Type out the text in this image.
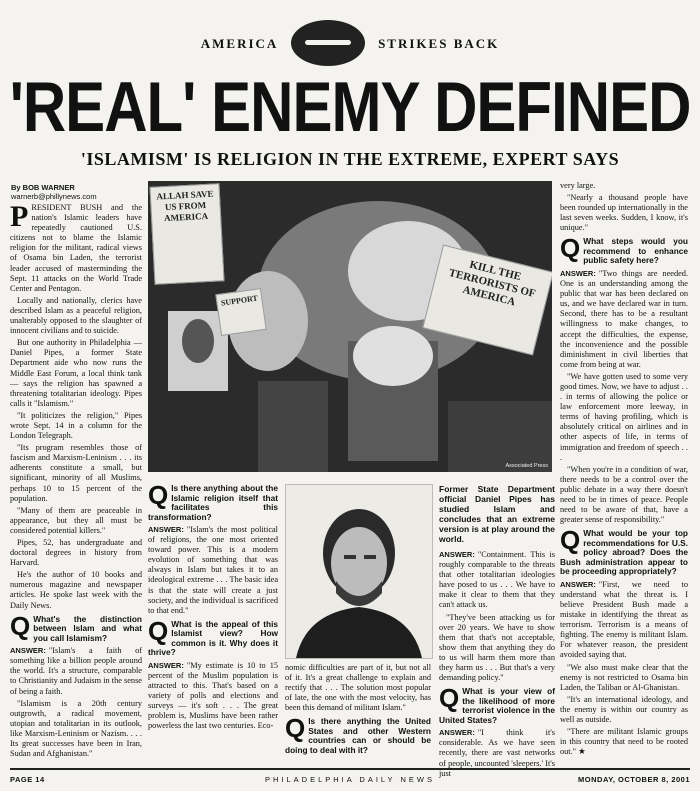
AMERICA	STRIKES BACK
'REAL' ENEMY DEFINED
'ISLAMISM' IS RELIGION IN THE EXTREME, EXPERT SAYS
By BOB WARNER
warnerb@phillynews.com

PRESIDENT BUSH and the nation's Islamic leaders have repeatedly cautioned U.S. citizens not to blame the Islamic religion for the militant, radical views of Osama bin Laden, the terrorist leader accused of masterminding the Sept. 11 attacks on the World Trade Center and Pentagon.

Locally and nationally, clerics have described Islam as a peaceful religion, unalterably opposed to the slaughter of innocent civilians and to suicide.

But one authority in Philadelphia — Daniel Pipes, a former State Department aide who now runs the Middle East Forum, a local think tank — says the religion has spawned a threatening totalitarian ideology. Pipes calls it "Islamism."

"It politicizes the religion," Pipes wrote Sept. 14 in a column for the London Telegraph.

"Its program resembles those of fascism and Marxism-Leninism . . . its adherents constitute a small, but significant, minority of all Muslims, perhaps 10 to 15 percent of the population.

"Many of them are peaceable in appearance, but they all must be considered potential killers."

Pipes, 52, has undergraduate and doctoral degrees in history from Harvard.

He's the author of 10 books and numerous magazine and newspaper articles. He spoke last week with the Daily News.

Q What's the distinction between Islam and what you call Islamism?

ANSWER: "Islam's a faith of something like a billion people around the world. It's a structure, comparable to Christianity and Judaism in the sense of being a faith.

"Islamism is a 20th century outgrowth, a radical movement, utopian and totalitarian in its outlook, like Marxism-Leninism or Nazism. . . . Its great successes have been in Iran, Sudan and Afghanistan."

ALLAH SAVE US FROM AMERICA
KILL THE TERRORISTS OF AMERICA
SUPPORT
Associated Press
Q Is there anything about the Islamic religion itself that facilitates this transformation?

ANSWER: "Islam's the most political of religions, the one most oriented toward power. This is a modern evolution of something that was always in Islam but takes it to an ideological extreme . . . The basic idea is that the state will create a just society, and the individual is sacrificed to that end."

Q What is the appeal of this Islamist view? How common is it. Why does it thrive?

ANSWER: "My estimate is 10 to 15 percent of the Muslim population is attracted to this. That's based on a variety of polls and elections and surveys — it's soft . . . The great problem is, Muslims have been rather powerless the last two centuries. Eco-

nomic difficulties are part of it, but not all of it. It's a great challenge to explain and rectify that . . . The solution most popular of late, the one with the most velocity, has been this demand of militant Islam."

Q Is there anything the United States and other Western countries can or should be doing to deal with it?
Former State Department official Daniel Pipes has studied Islam and concludes that an extreme version is at play around the world.

ANSWER: "Containment. This is roughly comparable to the threats that other totalitarian ideologies have posed to us . . . We have to make it clear to them that they can't attack us.

"They've been attacking us for over 20 years. We have to show them that that's not acceptable, show them that anything they do to us will harm them more than they harm us . . . But that's a very demanding policy."

Q What is your view of the likelihood of more terrorist violence in the United States?

ANSWER: "I think it's considerable. As we have seen recently, there are vast networks of people, uncounted 'sleepers.' It's just

very large.

"Nearly a thousand people have been rounded up internationally in the last seven weeks. Sudden, I know, it's unique."

Q What steps would you recommend to enhance public safety here?

ANSWER: "Two things are needed. One is an understanding among the public that war has been declared on us, and we have declared war in turn. Second, there has to be a resultant willingness to make changes, to accept the difficulties, the expense, the inconvenience and the possible diminishment in civil liberties that come from being at war.

"We have gotten used to some very good times. Now, we have to adjust . . . in terms of allowing the police or law enforcement more leeway, in terms of having profiling, which is absolutely critical on airlines and in other aspects of life, in terms of immigration and freedom of speech . . .

"When you're in a condition of war, there needs to be a control over the public debate in a way there doesn't need to be in times of peace. People need to be aware of that, have a greater sense of responsibility."

Q What would be your top recommendations for U.S. policy abroad? Does the Bush administration appear to be proceeding appropriately?

ANSWER: "First, we need to understand what the threat is. I believe President Bush made a mistake in identifying the threat as terrorism. Terrorism is a means of fighting. The enemy is militant Islam. For whatever reason, the president avoided saying that.

"We also must make clear that the enemy is not restricted to Osama bin Laden, the Taliban or Al-Ghanistan.

"It's an international ideology, and the enemy is within our country as well as outside.

"There are militant Islamic groups in this country that need to be rooted out." ★

PAGE 14	PHILADELPHIA DAILY NEWS	MONDAY, OCTOBER 8, 2001
